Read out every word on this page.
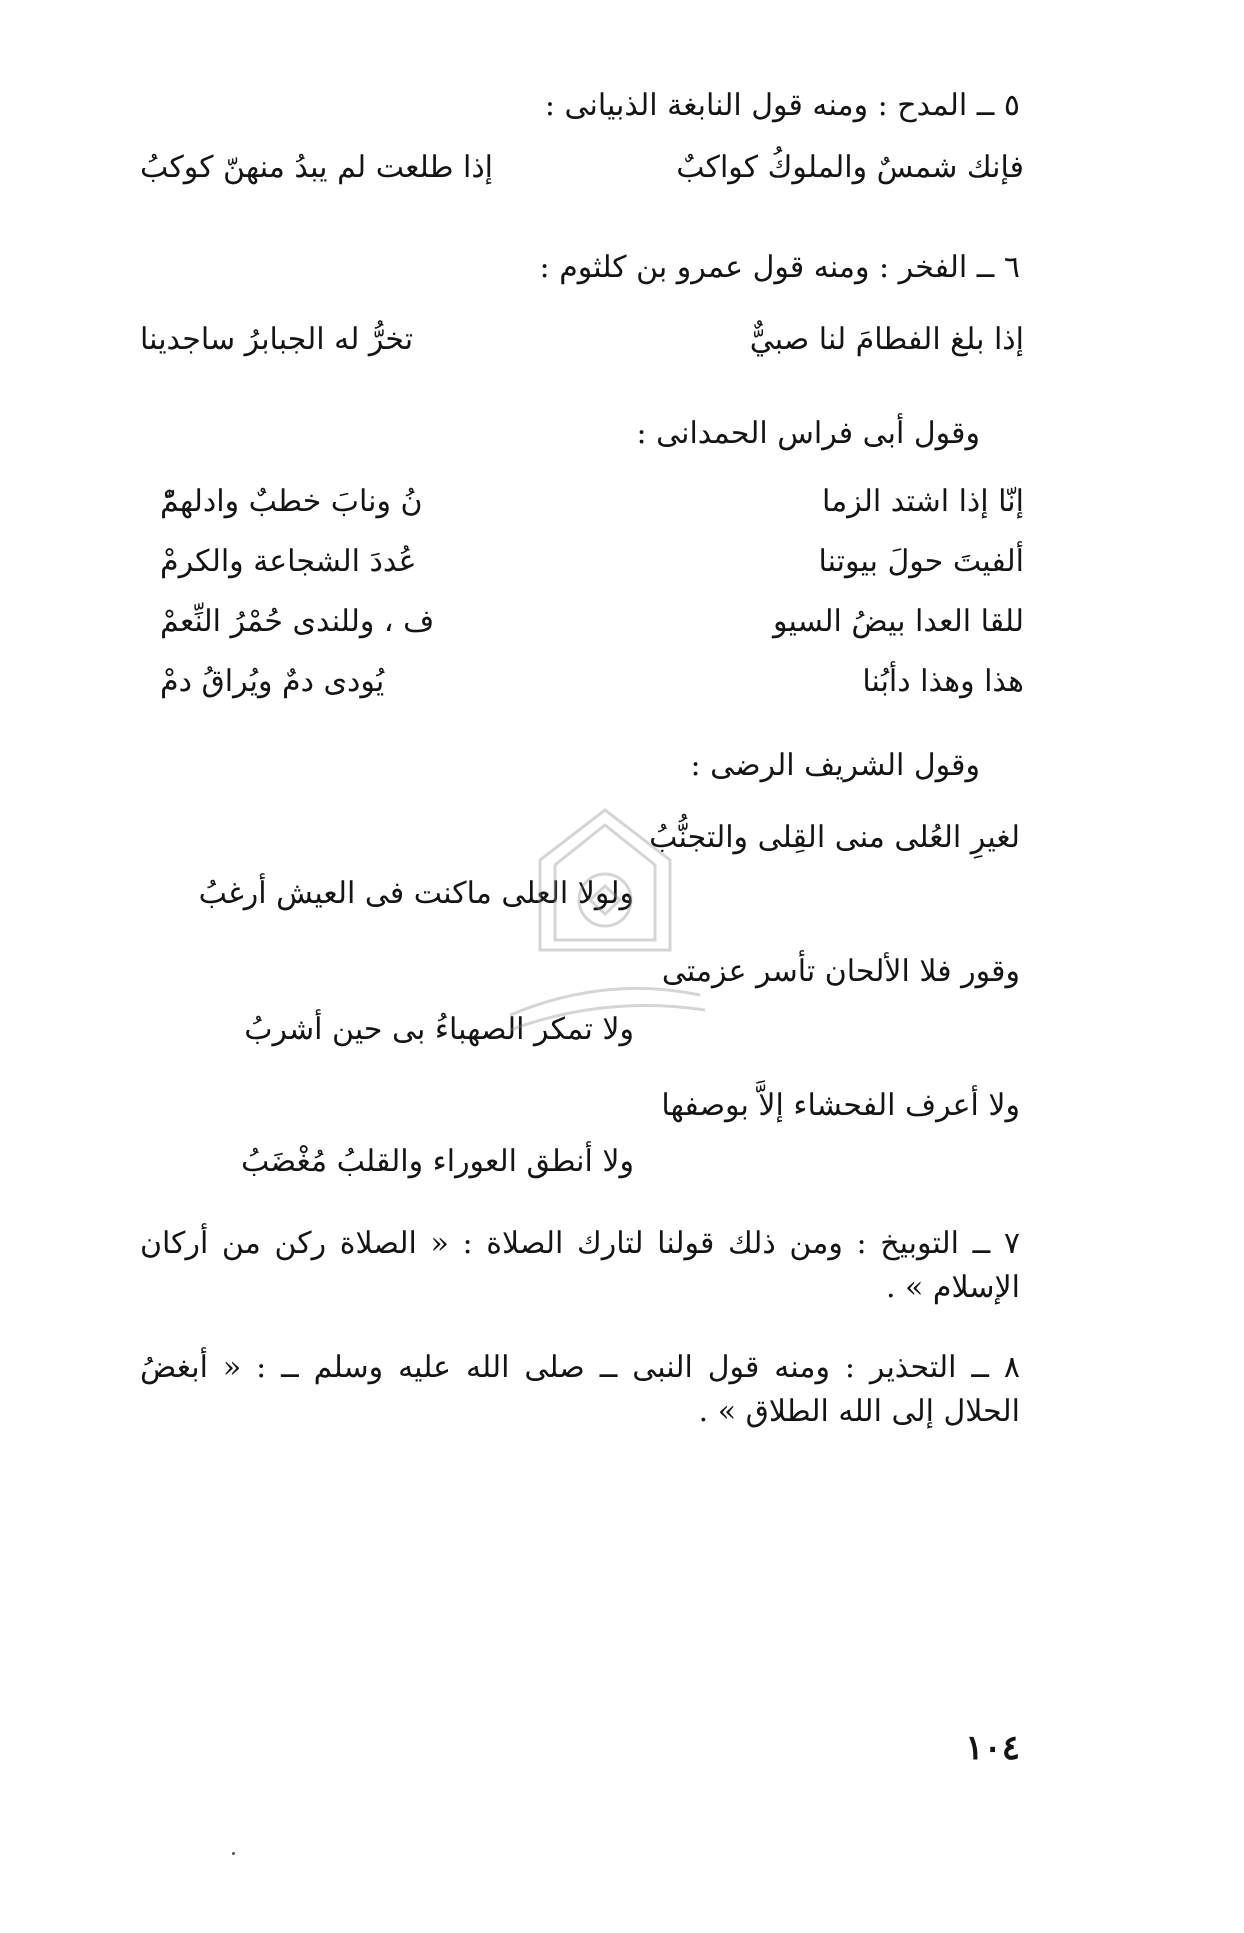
٥ ــ المدح : ومنه قول النابغة الذبيانى :
فإنك شمسٌ والملوكُ كواكبٌ
إذا طلعت لم يبدُ منهنّ كوكبُ
٦ ــ الفخر : ومنه قول عمرو بن كلثوم :
إذا بلغ الفطامَ لنا صبيٌّ
تخرُّ له الجبابرُ ساجدينا
وقول أبى فراس الحمدانى :
إنّا إذا اشتد الزما
نُ ونابَ خطبٌ وادلهمّْ
ألفيتَ حولَ بيوتنا
عُددَ الشجاعة والكرمْ
للقا العدا بيضُ السيو
ف ، وللندى حُمْرُ النِّعمْ
هذا وهذا دأبُنا
يُودى دمٌ ويُراقُ دمْ
وقول الشريف الرضى :
لغيرِ العُلى منى القِلى والتجنُّبُ
ولولا العلى ماكنت فى العيش أرغبُ
وقور فلا الألحان تأسر عزمتى
ولا تمكر الصهباءُ بى حين أشربُ
ولا أعرف الفحشاء إلاَّ بوصفها
ولا أنطق العوراء والقلبُ مُغْضَبُ
٧ ــ التوبيخ : ومن ذلك قولنا لتارك الصلاة : « الصلاة ركن من أركان الإسلام » .
٨ ــ التحذير : ومنه قول النبى ــ صلى الله عليه وسلم ــ : « أبغضُ الحلال إلى الله الطلاق » .
١٠٤
